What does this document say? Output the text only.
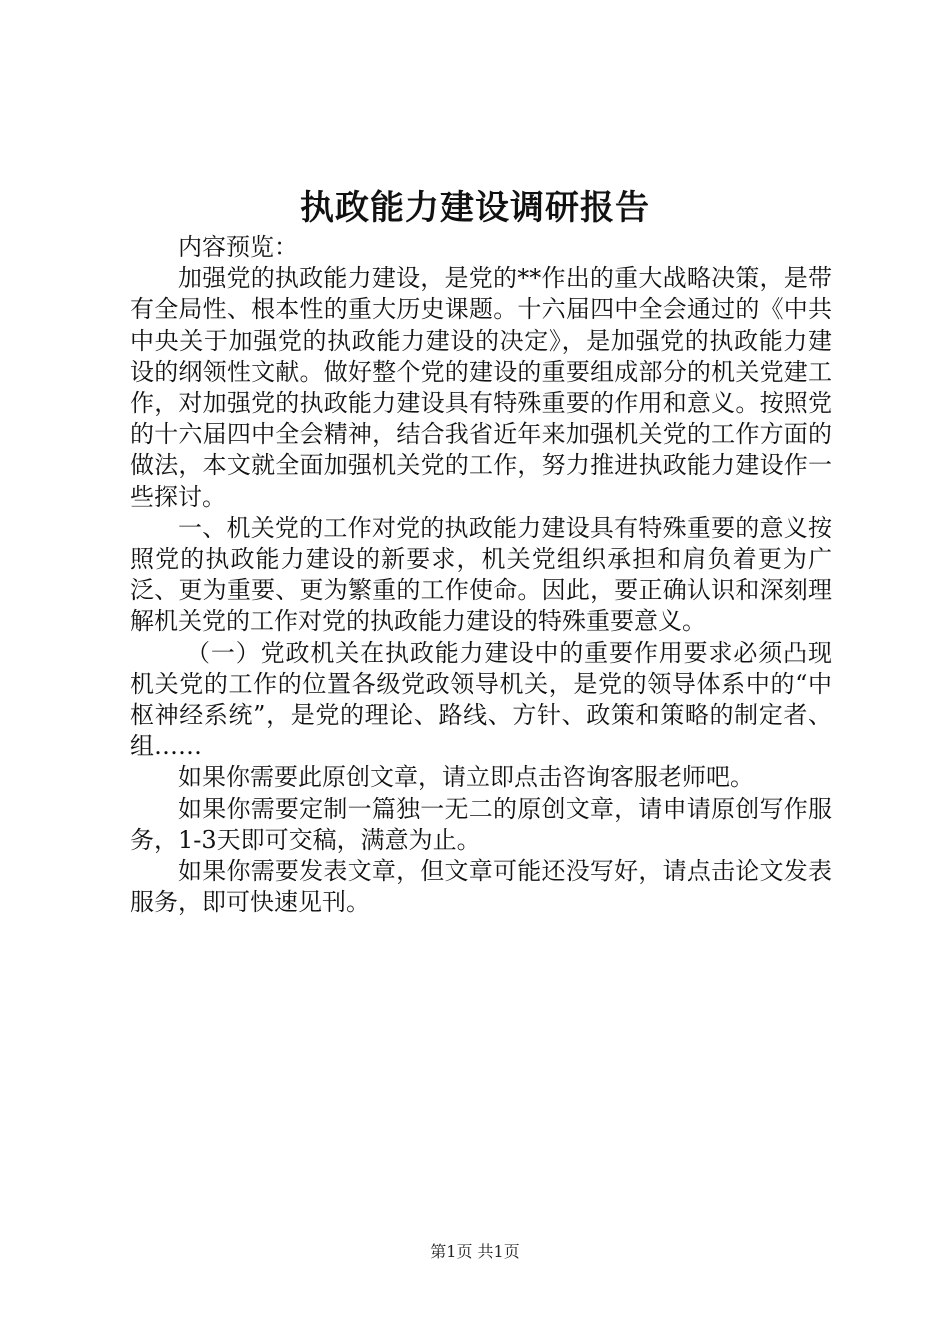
执政能力建设调研报告

内容预览：

加强党的执政能力建设，是党的**作出的重大战略决策，是带有全局性、根本性的重大历史课题。十六届四中全会通过的《中共中央关于加强党的执政能力建设的决定》，是加强党的执政能力建设的纲领性文献。做好整个党的建设的重要组成部分的机关党建工作，对加强党的执政能力建设具有特殊重要的作用和意义。按照党的十六届四中全会精神，结合我省近年来加强机关党的工作方面的做法，本文就全面加强机关党的工作，努力推进执政能力建设作一些探讨。

一、机关党的工作对党的执政能力建设具有特殊重要的意义按照党的执政能力建设的新要求，机关党组织承担和肩负着更为广泛、更为重要、更为繁重的工作使命。因此，要正确认识和深刻理解机关党的工作对党的执政能力建设的特殊重要意义。

（一）党政机关在执政能力建设中的重要作用要求必须凸现机关党的工作的位置各级党政领导机关，是党的领导体系中的“中枢神经系统”，是党的理论、路线、方针、政策和策略的制定者、组……

如果你需要此原创文章，请立即点击咨询客服老师吧。

如果你需要定制一篇独一无二的原创文章，请申请原创写作服务，1-3天即可交稿，满意为止。

如果你需要发表文章，但文章可能还没写好，请点击论文发表服务，即可快速见刊。

第1页 共1页
